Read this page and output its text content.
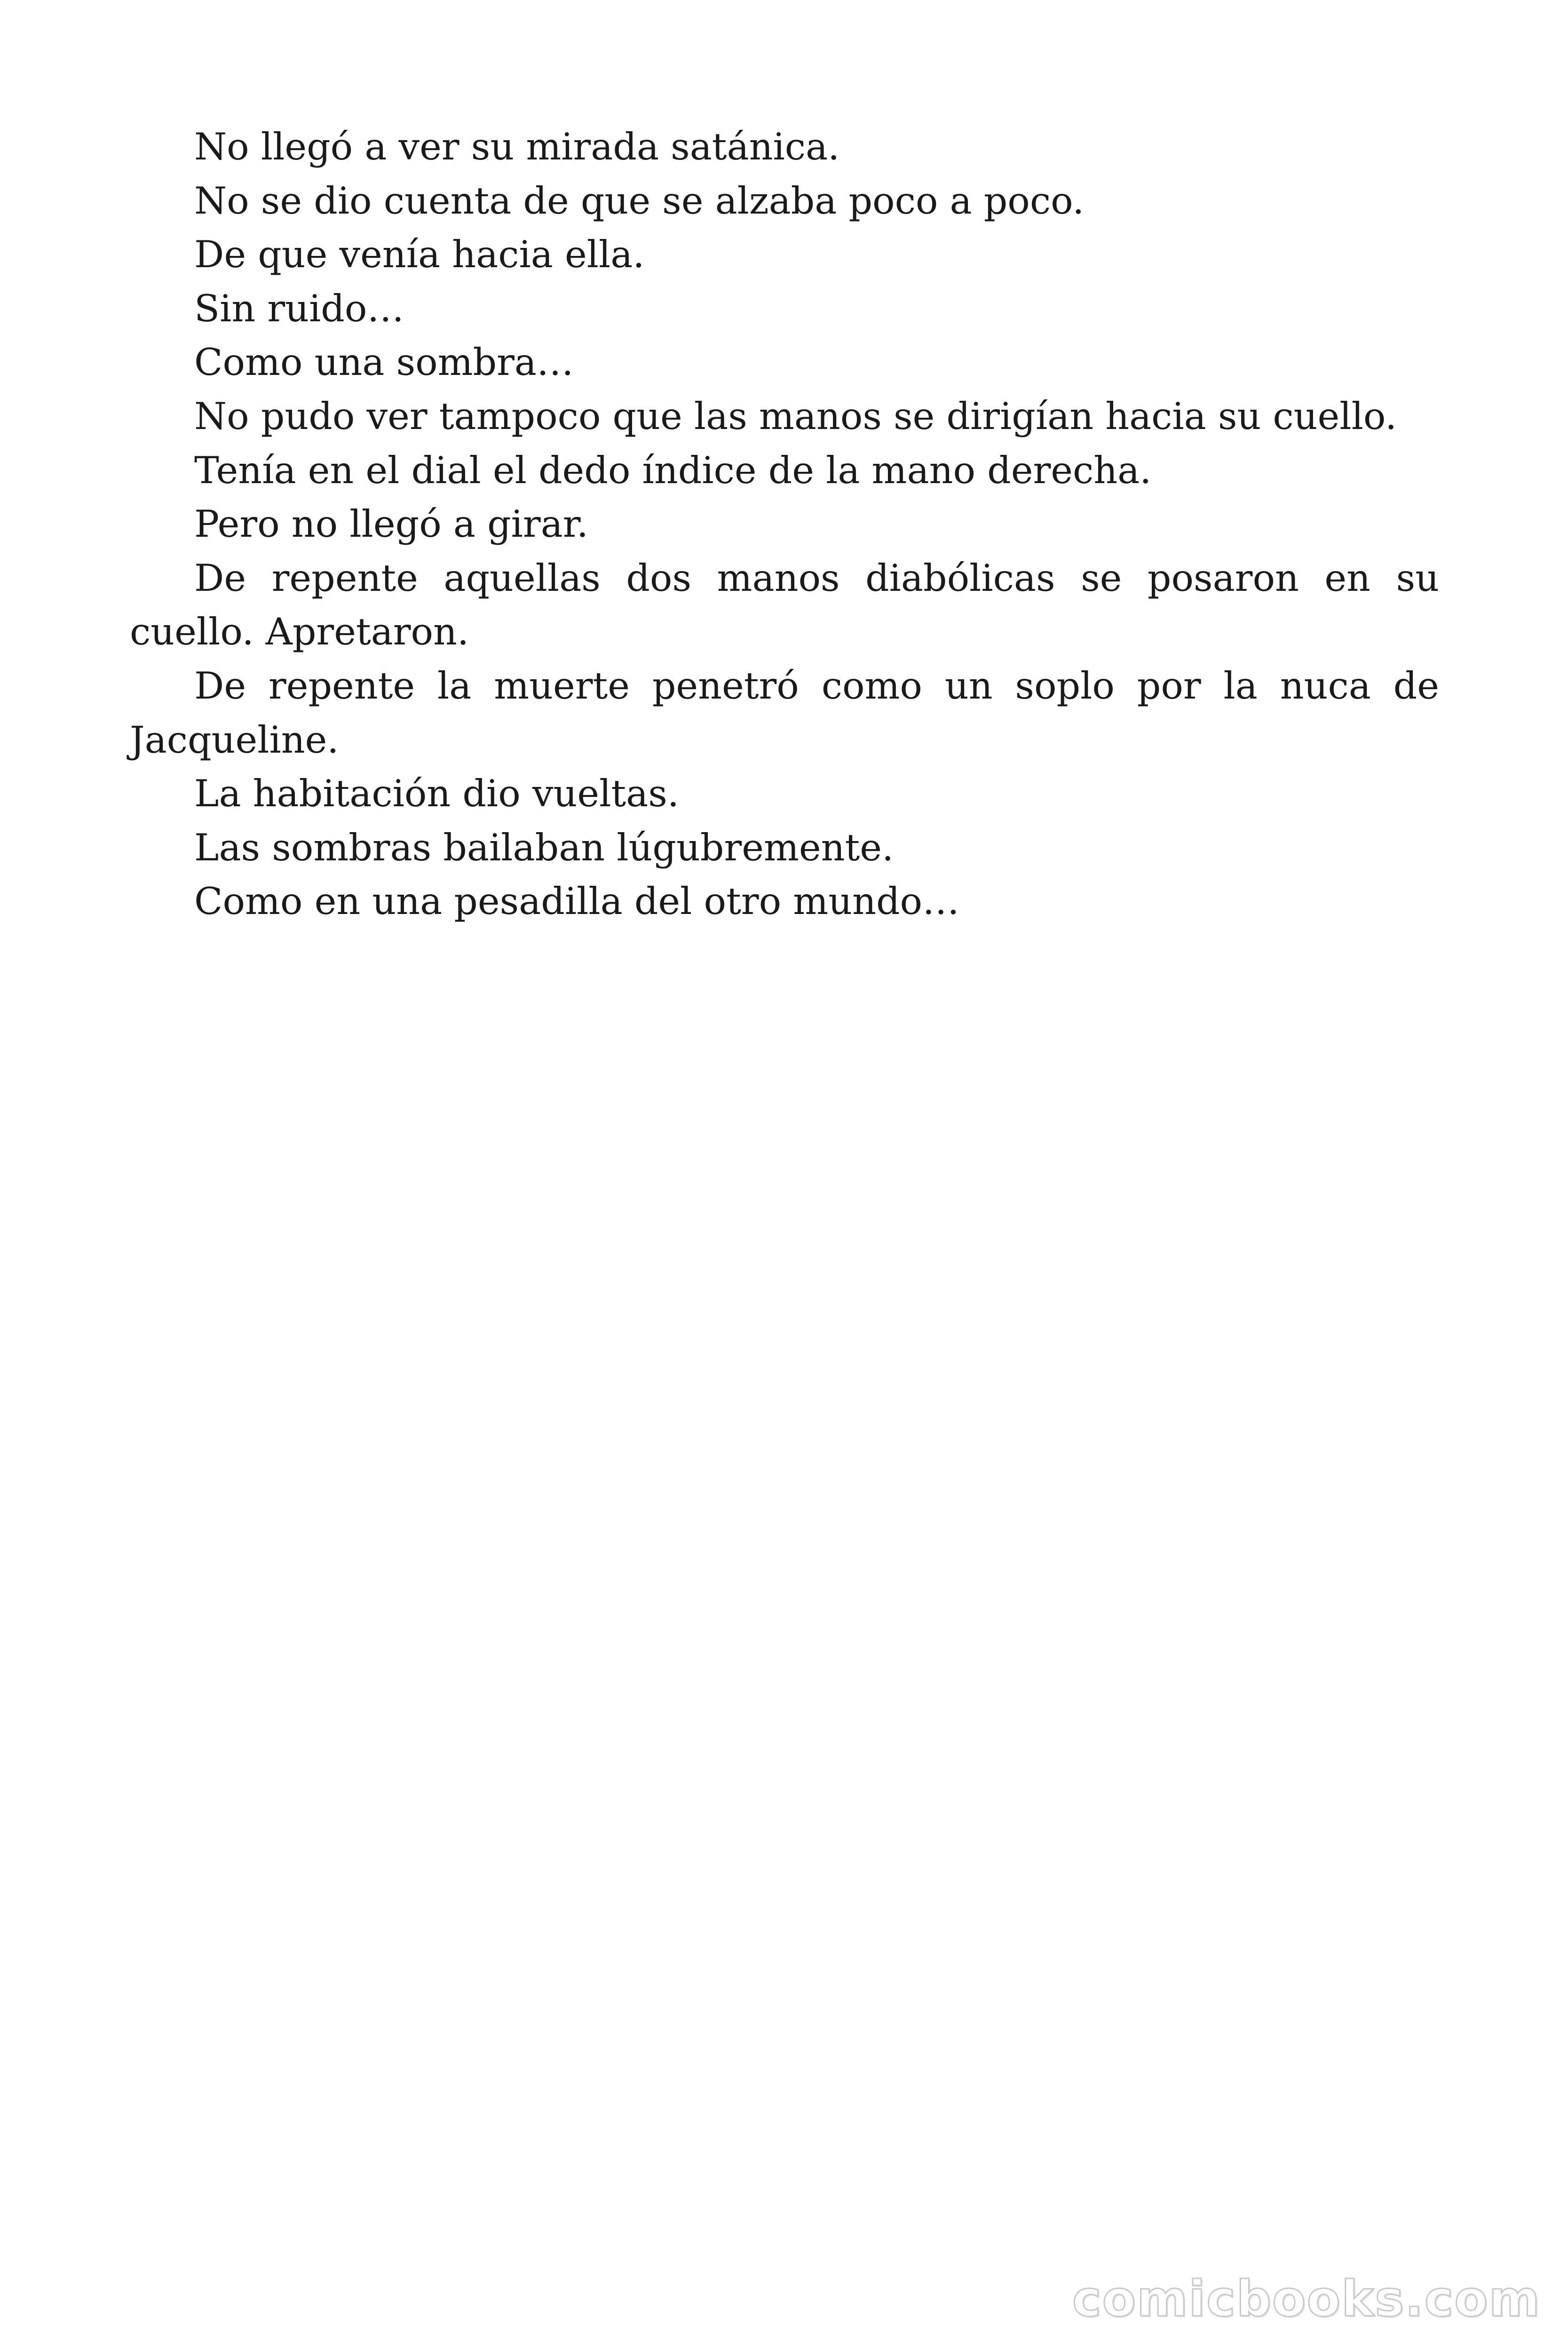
No llegó a ver su mirada satánica.

No se dio cuenta de que se alzaba poco a poco.

De que venía hacia ella.

Sin ruido…

Como una sombra…

No pudo ver tampoco que las manos se dirigían hacia su cuello.

Tenía en el dial el dedo índice de la mano derecha.

Pero no llegó a girar.

De repente aquellas dos manos diabólicas se posaron en su cuello. Apretaron.

De repente la muerte penetró como un soplo por la nuca de Jacqueline.

La habitación dio vueltas.

Las sombras bailaban lúgubremente.

Como en una pesadilla del otro mundo…

comicbooks.com
